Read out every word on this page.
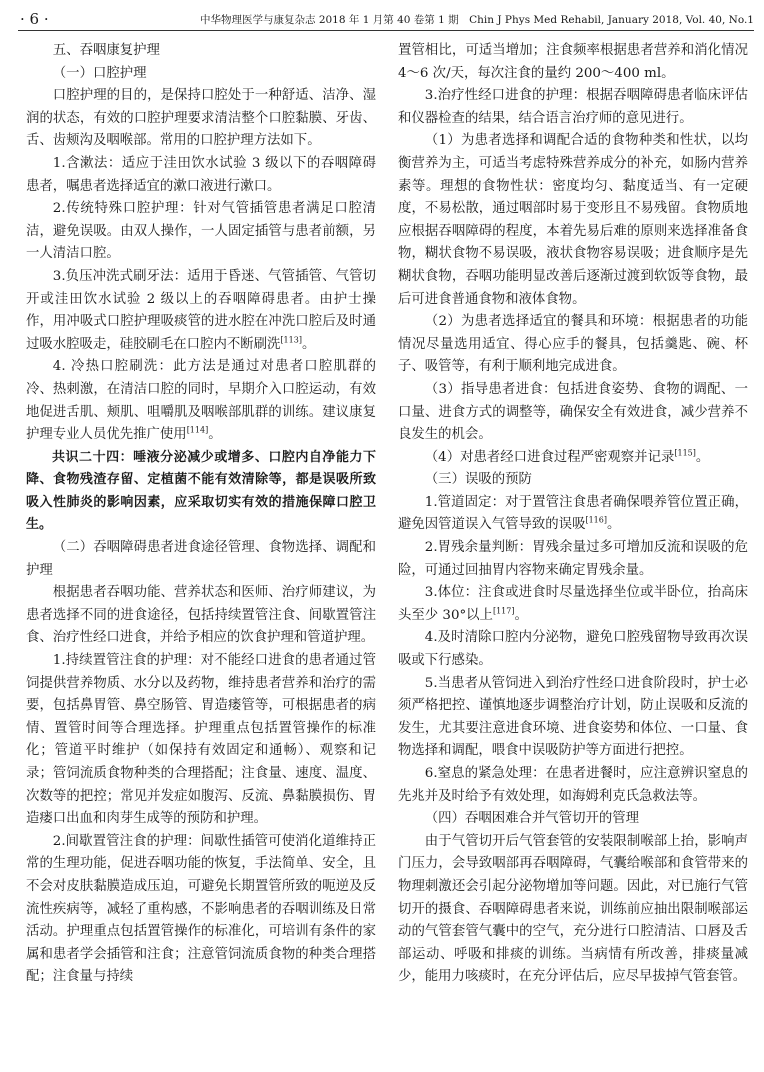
· 6 ·	中华物理医学与康复杂志 2018 年 1 月第 40 卷第 1 期　Chin J Phys Med Rehabil, January 2018, Vol. 40, No.1

五、吞咽康复护理

（一）口腔护理

口腔护理的目的，是保持口腔处于一种舒适、洁净、湿润的状态，有效的口腔护理要求清洁整个口腔黏膜、牙齿、舌、齿颊沟及咽喉部。常用的口腔护理方法如下。

1.含漱法：适应于洼田饮水试验 3 级以下的吞咽障碍患者，嘱患者选择适宜的漱口液进行漱口。

2.传统特殊口腔护理：针对气管插管患者满足口腔清洁，避免误吸。由双人操作，一人固定插管与患者前额，另一人清洁口腔。

3.负压冲洗式刷牙法：适用于昏迷、气管插管、气管切开或洼田饮水试验 2 级以上的吞咽障碍患者。由护士操作，用冲吸式口腔护理吸痰管的进水腔在冲洗口腔后及时通过吸水腔吸走，硅胶刷毛在口腔内不断刷洗[113]。

4. 冷热口腔刷洗：此方法是通过对患者口腔肌群的冷、热刺激，在清洁口腔的同时，早期介入口腔运动，有效地促进舌肌、颊肌、咀嚼肌及咽喉部肌群的训练。建议康复护理专业人员优先推广使用[114]。

共识二十四：唾液分泌减少或增多、口腔内自净能力下降、食物残渣存留、定植菌不能有效清除等，都是误吸所致吸入性肺炎的影响因素，应采取切实有效的措施保障口腔卫生。

（二）吞咽障碍患者进食途径管理、食物选择、调配和护理

根据患者吞咽功能、营养状态和医师、治疗师建议，为患者选择不同的进食途径，包括持续置管注食、间歇置管注食、治疗性经口进食，并给予相应的饮食护理和管道护理。

1.持续置管注食的护理：对不能经口进食的患者通过管饲提供营养物质、水分以及药物，维持患者营养和治疗的需要，包括鼻胃管、鼻空肠管、胃造瘘管等，可根据患者的病情、置管时间等合理选择。护理重点包括置管操作的标准化；管道平时维护（如保持有效固定和通畅）、观察和记录；管饲流质食物种类的合理搭配；注食量、速度、温度、次数等的把控；常见并发症如腹泻、反流、鼻黏膜损伤、胃造瘘口出血和肉芽生成等的预防和护理。

2.间歇置管注食的护理：间歇性插管可使消化道维持正常的生理功能，促进吞咽功能的恢复，手法简单、安全，且不会对皮肤黏膜造成压迫，可避免长期置管所致的呃逆及反流性疾病等，减轻了重构感，不影响患者的吞咽训练及日常活动。护理重点包括置管操作的标准化，可培训有条件的家属和患者学会插管和注食；注意管饲流质食物的种类合理搭配；注食量与持续

置管相比，可适当增加；注食频率根据患者营养和消化情况 4～6 次/天，每次注食的量约 200～400 ml。

3.治疗性经口进食的护理：根据吞咽障碍患者临床评估和仪器检查的结果，结合语言治疗师的意见进行。

（1）为患者选择和调配合适的食物种类和性状，以均衡营养为主，可适当考虑特殊营养成分的补充，如肠内营养素等。理想的食物性状：密度均匀、黏度适当、有一定硬度，不易松散，通过咽部时易于变形且不易残留。食物质地应根据吞咽障碍的程度，本着先易后难的原则来选择准备食物，糊状食物不易误吸，液状食物容易误吸；进食顺序是先糊状食物，吞咽功能明显改善后逐渐过渡到软饭等食物，最后可进食普通食物和液体食物。

（2）为患者选择适宜的餐具和环境：根据患者的功能情况尽量选用适宜、得心应手的餐具，包括羹匙、碗、杯子、吸管等，有利于顺利地完成进食。

（3）指导患者进食：包括进食姿势、食物的调配、一口量、进食方式的调整等，确保安全有效进食，减少营养不良发生的机会。

（4）对患者经口进食过程严密观察并记录[115]。

（三）误吸的预防

1.管道固定：对于置管注食患者确保喂养管位置正确，避免因管道误入气管导致的误吸[116]。

2.胃残余量判断：胃残余量过多可增加反流和误吸的危险，可通过回抽胃内容物来确定胃残余量。

3.体位：注食或进食时尽量选择坐位或半卧位，抬高床头至少 30°以上[117]。

4.及时清除口腔内分泌物，避免口腔残留物导致再次误吸或下行感染。

5.当患者从管饲进入到治疗性经口进食阶段时，护士必须严格把控、谨慎地逐步调整治疗计划，防止误吸和反流的发生，尤其要注意进食环境、进食姿势和体位、一口量、食物选择和调配，喂食中误吸防护等方面进行把控。

6.窒息的紧急处理：在患者进餐时，应注意辨识窒息的先兆并及时给予有效处理，如海姆利克氏急救法等。

（四）吞咽困难合并气管切开的管理

由于气管切开后气管套管的安装限制喉部上抬，影响声门压力，会导致咽部再吞咽障碍，气囊给喉部和食管带来的物理刺激还会引起分泌物增加等问题。因此，对已施行气管切开的摄食、吞咽障碍患者来说，训练前应抽出限制喉部运动的气管套管气囊中的空气，充分进行口腔清洁、口唇及舌部运动、呼吸和排痰的训练。当病情有所改善，排痰量减少，能用力咳痰时，在充分评估后，应尽早拔掉气管套管。
